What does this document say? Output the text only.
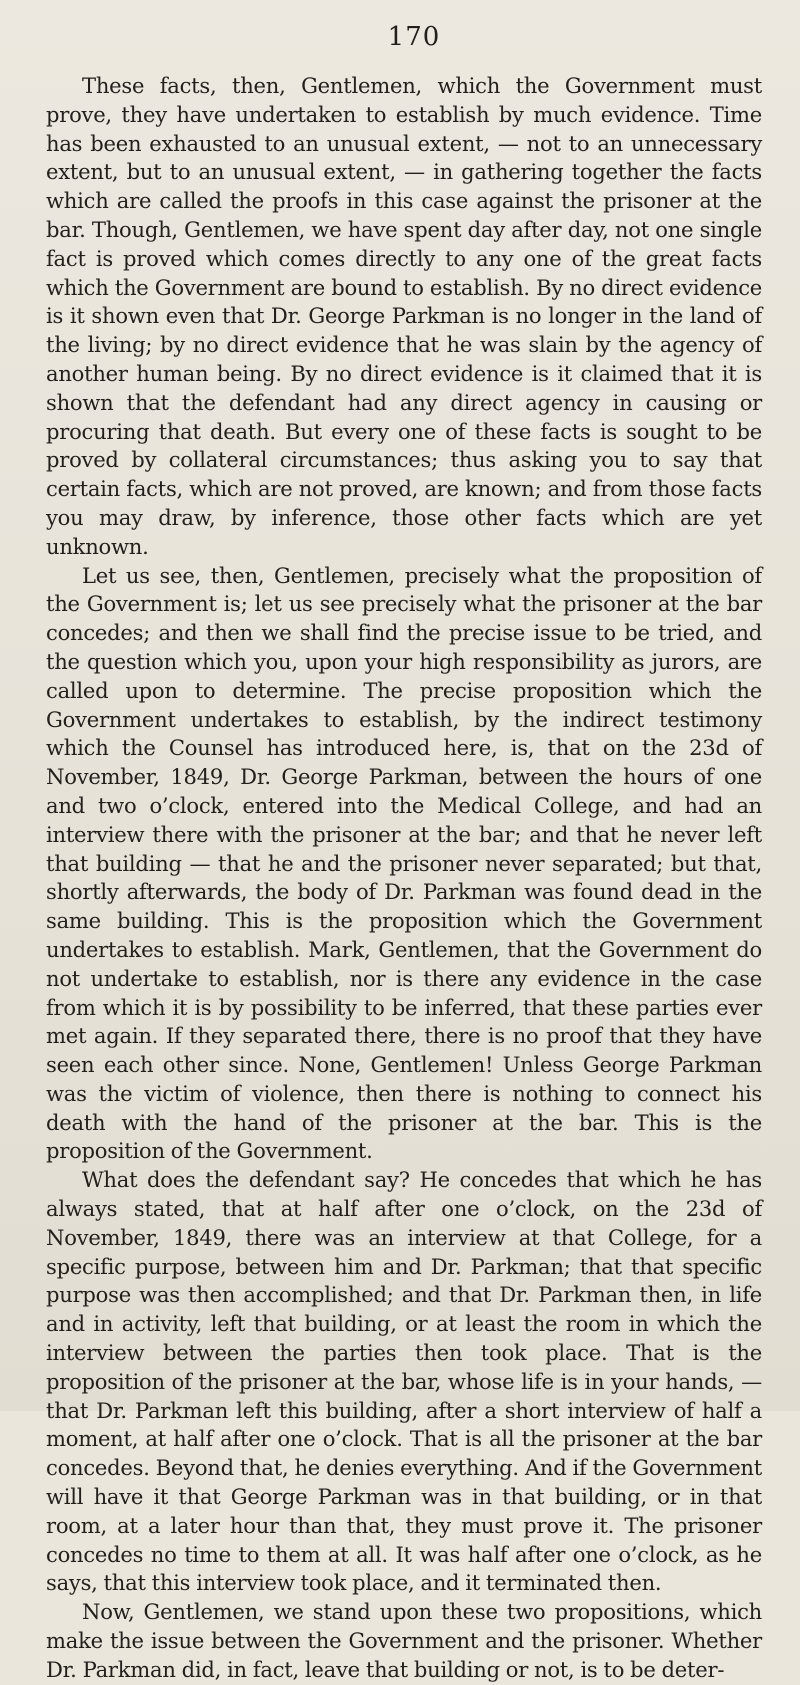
170

These facts, then, Gentlemen, which the Government must prove, they have undertaken to establish by much evidence. Time has been exhausted to an unusual extent, — not to an unnecessary extent, but to an unusual extent, — in gathering together the facts which are called the proofs in this case against the prisoner at the bar. Though, Gentlemen, we have spent day after day, not one single fact is proved which comes directly to any one of the great facts which the Government are bound to establish. By no direct evidence is it shown even that Dr. George Parkman is no longer in the land of the living; by no direct evidence that he was slain by the agency of another human being. By no direct evidence is it claimed that it is shown that the defendant had any direct agency in causing or procuring that death. But every one of these facts is sought to be proved by collateral circumstances; thus asking you to say that certain facts, which are not proved, are known; and from those facts you may draw, by inference, those other facts which are yet unknown.

Let us see, then, Gentlemen, precisely what the proposition of the Government is; let us see precisely what the prisoner at the bar concedes; and then we shall find the precise issue to be tried, and the question which you, upon your high responsibility as jurors, are called upon to determine. The precise proposition which the Government undertakes to establish, by the indirect testimony which the Counsel has introduced here, is, that on the 23d of November, 1849, Dr. George Parkman, between the hours of one and two o’clock, entered into the Medical College, and had an interview there with the prisoner at the bar; and that he never left that building — that he and the prisoner never separated; but that, shortly afterwards, the body of Dr. Parkman was found dead in the same building. This is the proposition which the Government undertakes to establish. Mark, Gentlemen, that the Government do not undertake to establish, nor is there any evidence in the case from which it is by possibility to be inferred, that these parties ever met again. If they separated there, there is no proof that they have seen each other since. None, Gentlemen! Unless George Parkman was the victim of violence, then there is nothing to connect his death with the hand of the prisoner at the bar. This is the proposition of the Government.

What does the defendant say? He concedes that which he has always stated, that at half after one o’clock, on the 23d of November, 1849, there was an interview at that College, for a specific purpose, between him and Dr. Parkman; that that specific purpose was then accomplished; and that Dr. Parkman then, in life and in activity, left that building, or at least the room in which the interview between the parties then took place. That is the proposition of the prisoner at the bar, whose life is in your hands, — that Dr. Parkman left this building, after a short interview of half a moment, at half after one o’clock. That is all the prisoner at the bar concedes. Beyond that, he denies everything. And if the Government will have it that George Parkman was in that building, or in that room, at a later hour than that, they must prove it. The prisoner concedes no time to them at all. It was half after one o’clock, as he says, that this interview took place, and it terminated then.

Now, Gentlemen, we stand upon these two propositions, which make the issue between the Government and the prisoner. Whether Dr. Parkman did, in fact, leave that building or not, is to be deter-
